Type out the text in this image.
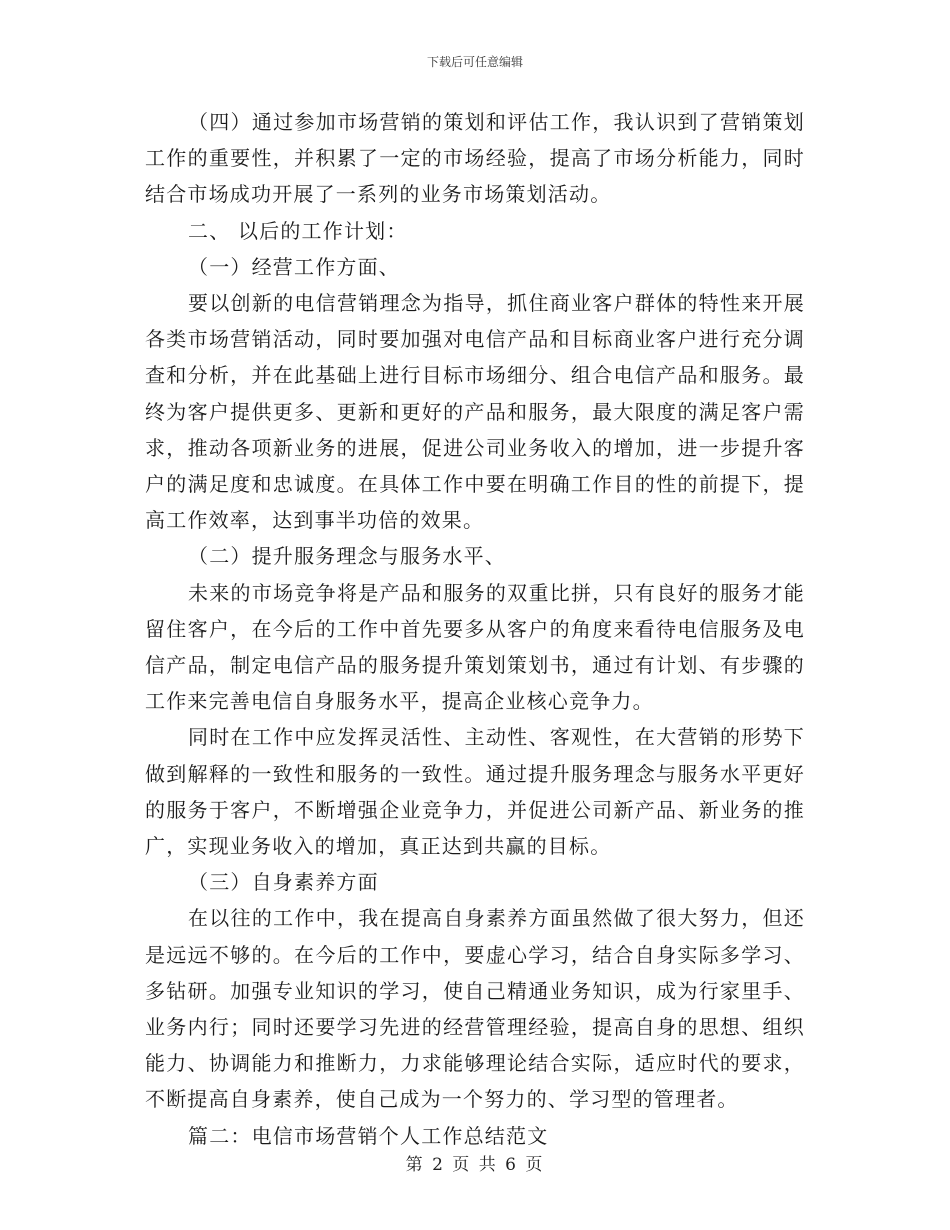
下载后可任意编辑

（四）通过参加市场营销的策划和评估工作，我认识到了营销策划工作的重要性，并积累了一定的市场经验，提高了市场分析能力，同时结合市场成功开展了一系列的业务市场策划活动。

二、 以后的工作计划：

（一）经营工作方面、

要以创新的电信营销理念为指导，抓住商业客户群体的特性来开展各类市场营销活动，同时要加强对电信产品和目标商业客户进行充分调查和分析，并在此基础上进行目标市场细分、组合电信产品和服务。最终为客户提供更多、更新和更好的产品和服务，最大限度的满足客户需求，推动各项新业务的进展，促进公司业务收入的增加，进一步提升客户的满足度和忠诚度。在具体工作中要在明确工作目的性的前提下，提高工作效率，达到事半功倍的效果。

（二）提升服务理念与服务水平、

未来的市场竞争将是产品和服务的双重比拼，只有良好的服务才能留住客户，在今后的工作中首先要多从客户的角度来看待电信服务及电信产品，制定电信产品的服务提升策划策划书，通过有计划、有步骤的工作来完善电信自身服务水平，提高企业核心竞争力。

同时在工作中应发挥灵活性、主动性、客观性，在大营销的形势下做到解释的一致性和服务的一致性。通过提升服务理念与服务水平更好的服务于客户，不断增强企业竞争力，并促进公司新产品、新业务的推广，实现业务收入的增加，真正达到共赢的目标。

（三）自身素养方面

在以往的工作中，我在提高自身素养方面虽然做了很大努力，但还是远远不够的。在今后的工作中，要虚心学习，结合自身实际多学习、多钻研。加强专业知识的学习，使自己精通业务知识，成为行家里手、业务内行；同时还要学习先进的经营管理经验，提高自身的思想、组织能力、协调能力和推断力，力求能够理论结合实际，适应时代的要求，不断提高自身素养，使自己成为一个努力的、学习型的管理者。

篇二：电信市场营销个人工作总结范文

第 2 页 共 6 页
